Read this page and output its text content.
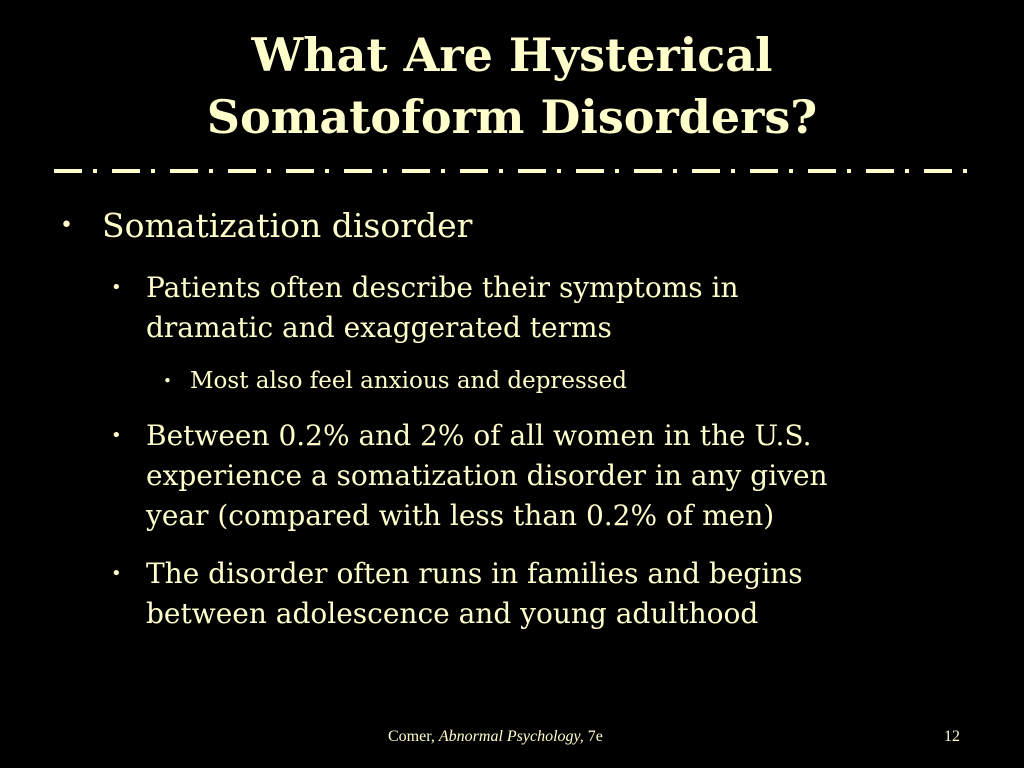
What Are Hysterical
Somatoform Disorders?
• Somatization disorder
• Patients often describe their symptoms in
dramatic and exaggerated terms
• Most also feel anxious and depressed
• Between 0.2% and 2% of all women in the U.S.
experience a somatization disorder in any given
year (compared with less than 0.2% of men)
• The disorder often runs in families and begins
between adolescence and young adulthood
Comer, Abnormal Psychology, 7e	12
